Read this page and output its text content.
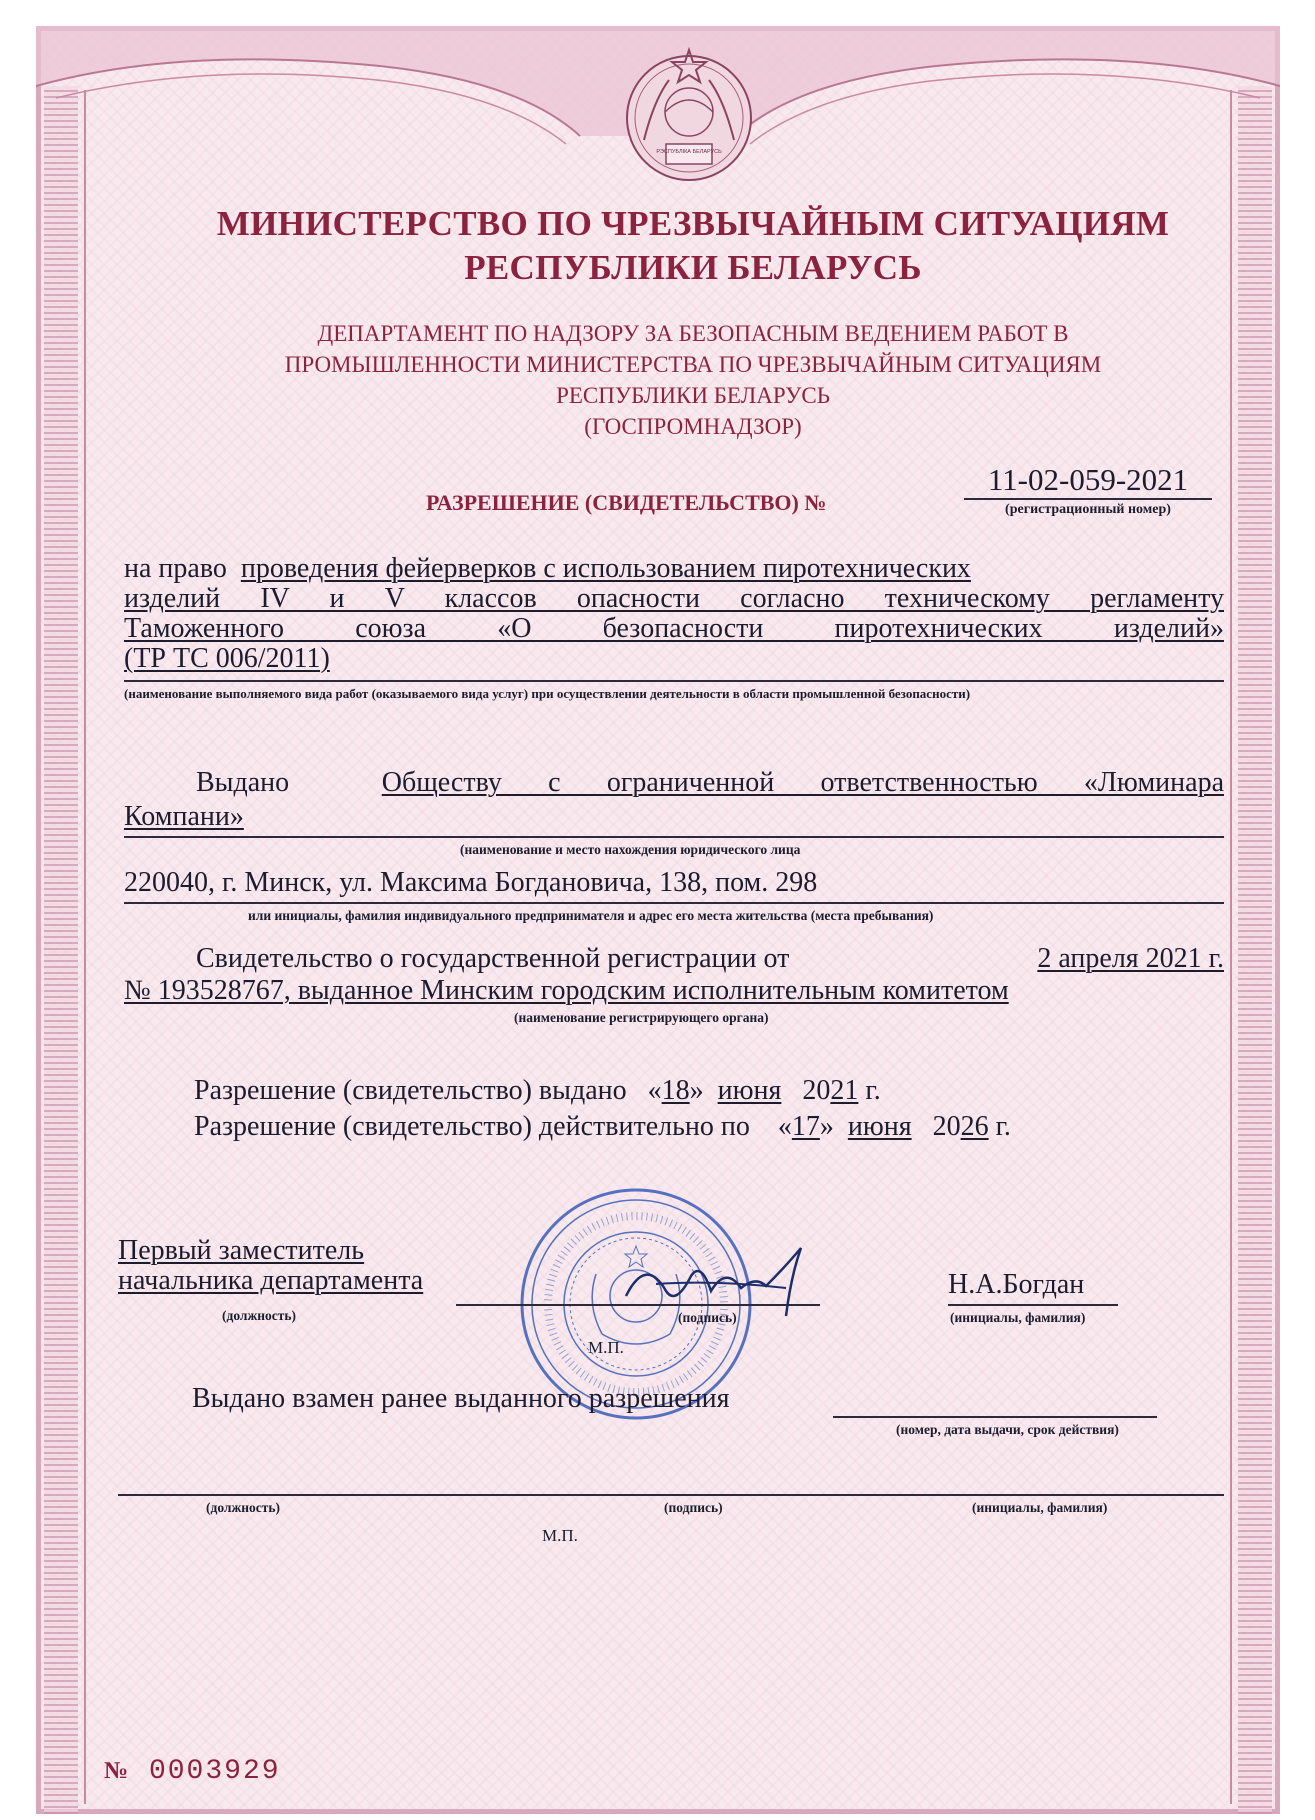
РЭСПУБЛІКА БЕЛАРУСЬ
МИНИСТЕРСТВО ПО ЧРЕЗВЫЧАЙНЫМ СИТУАЦИЯМ
РЕСПУБЛИКИ БЕЛАРУСЬ
ДЕПАРТАМЕНТ ПО НАДЗОРУ ЗА БЕЗОПАСНЫМ ВЕДЕНИЕМ РАБОТ В
ПРОМЫШЛЕННОСТИ МИНИСТЕРСТВА ПО ЧРЕЗВЫЧАЙНЫМ СИТУАЦИЯМ
РЕСПУБЛИКИ БЕЛАРУСЬ
(ГОСПРОМНАДЗОР)
РАЗРЕШЕНИЕ (СВИДЕТЕЛЬСТВО) №
11-02-059-2021
(регистрационный номер)
на право проведения фейерверков с использованием пиротехнических
изделий IV и V классов опасности согласно техническому регламенту
Таможенного союза «О безопасности пиротехнических изделий»
(ТР ТС 006/2011)
(наименование выполняемого вида работ (оказываемого вида услуг) при осуществлении деятельности в области промышленной безопасности)
Выдано	Обществу с ограниченной ответственностью «Люминара
Компани»
(наименование и место нахождения юридического лица
220040, г. Минск, ул. Максима Богдановича, 138, пом. 298
или инициалы, фамилия индивидуального предпринимателя и адрес его места жительства (места пребывания)
Свидетельство о государственной регистрации от	2 апреля 2021 г.
№ 193528767, выданное Минским городским исполнительным комитетом
(наименование регистрирующего органа)
Разрешение (свидетельство) выдано «18» июня 2021 г.
Разрешение (свидетельство) действительно по «17» июня 2026 г.
Первый заместитель
начальника департамента
(должность)	(подпись)
Н.А.Богдан
(инициалы, фамилия)
М.П.
Выдано взамен ранее выданного разрешения
(номер, дата выдачи, срок действия)
(должность)	(подпись)	(инициалы, фамилия)
М.П.
№ 0003929
